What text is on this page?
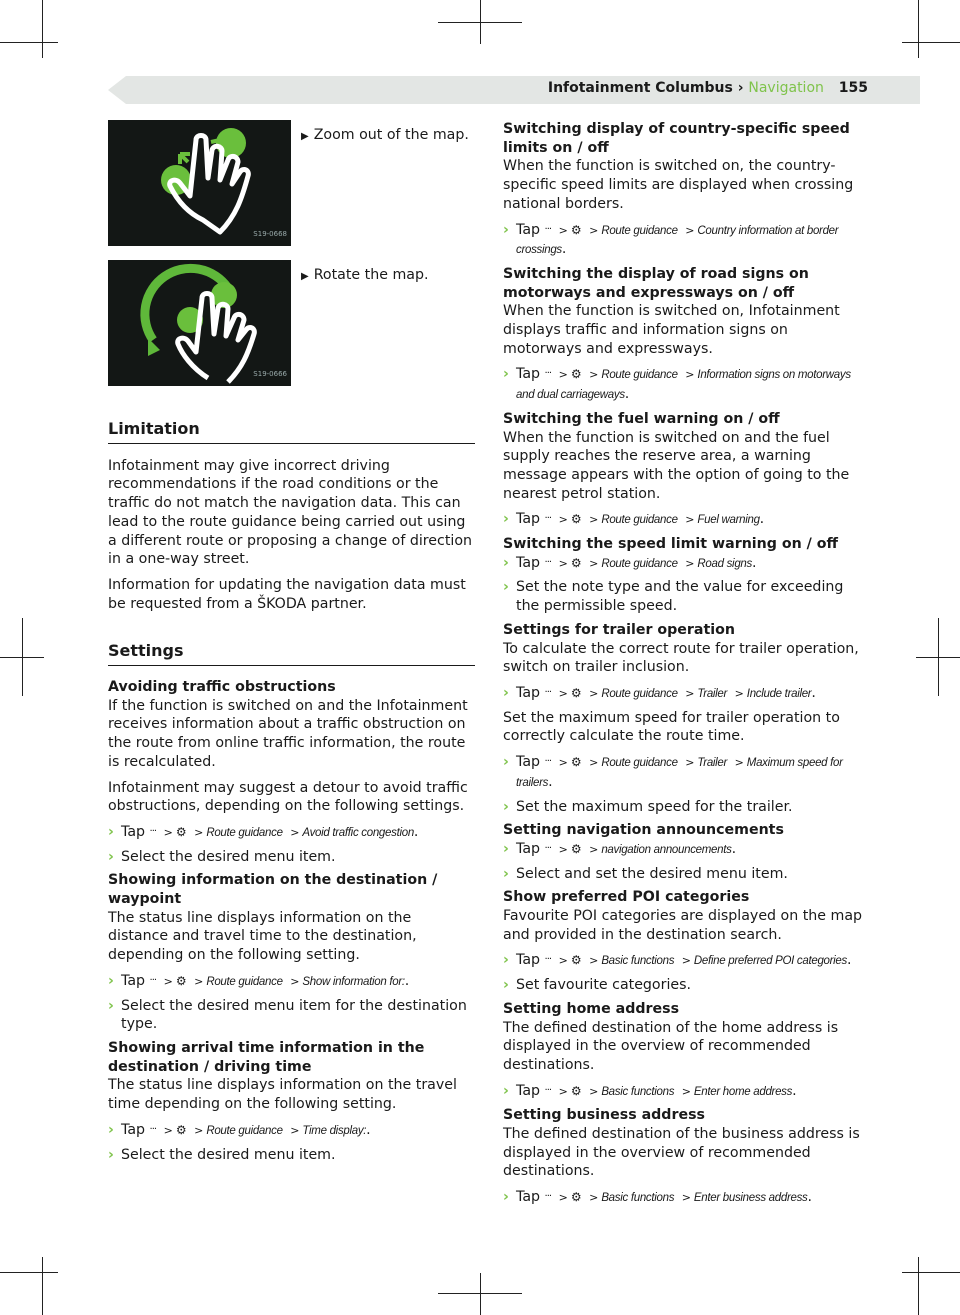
Infotainment Columbus › Navigation 155
S19-0668
▶ Zoom out of the map.
S19-0666
▶ Rotate the map.
Limitation

Infotainment may give incorrect driving recommendations if the road conditions or the traffic do not match the navigation data. This can lead to the route guidance being carried out using a different route or proposing a change of direction in a one-way street.

Information for updating the navigation data must be requested from a ŠKODA partner.

Settings
Avoiding traffic obstructions

If the function is switched on and the Infotainment receives information about a traffic obstruction on the route from online traffic information, the route is recalculated.

Infotainment may suggest a detour to avoid traffic obstructions, depending on the following settings.

› Tap ··· > ⚙ > Route guidance > Avoid traffic congestion.
› Select the desired menu item.
Showing information on the destination / waypoint

The status line displays information on the distance and travel time to the destination, depending on the following setting.

› Tap ··· > ⚙ > Route guidance > Show information for:.
› Select the desired menu item for the destination type.
Showing arrival time information in the destination / driving time

The status line displays information on the travel time depending on the following setting.

› Tap ··· > ⚙ > Route guidance > Time display:.
› Select the desired menu item.
Switching display of country-specific speed limits on / off

When the function is switched on, the country-specific speed limits are displayed when crossing national borders.

› Tap ··· > ⚙ > Route guidance > Country information at border crossings.
Switching the display of road signs on motorways and expressways on / off

When the function is switched on, Infotainment displays traffic and information signs on motorways and expressways.

› Tap ··· > ⚙ > Route guidance > Information signs on motorways and dual carriageways.
Switching the fuel warning on / off

When the function is switched on and the fuel supply reaches the reserve area, a warning message appears with the option of going to the nearest petrol station.

› Tap ··· > ⚙ > Route guidance > Fuel warning.
Switching the speed limit warning on / off
› Tap ··· > ⚙ > Route guidance > Road signs.
› Set the note type and the value for exceeding the permissible speed.
Settings for trailer operation

To calculate the correct route for trailer operation, switch on trailer inclusion.

› Tap ··· > ⚙ > Route guidance > Trailer > Include trailer.

Set the maximum speed for trailer operation to correctly calculate the route time.

› Tap ··· > ⚙ > Route guidance > Trailer > Maximum speed for trailers.
› Set the maximum speed for the trailer.
Setting navigation announcements
› Tap ··· > ⚙ > navigation announcements.
› Select and set the desired menu item.
Show preferred POI categories

Favourite POI categories are displayed on the map and provided in the destination search.

› Tap ··· > ⚙ > Basic functions > Define preferred POI categories.
› Set favourite categories.
Setting home address

The defined destination of the home address is displayed in the overview of recommended destinations.

› Tap ··· > ⚙ > Basic functions > Enter home address.
Setting business address

The defined destination of the business address is displayed in the overview of recommended destinations.

› Tap ··· > ⚙ > Basic functions > Enter business address.
